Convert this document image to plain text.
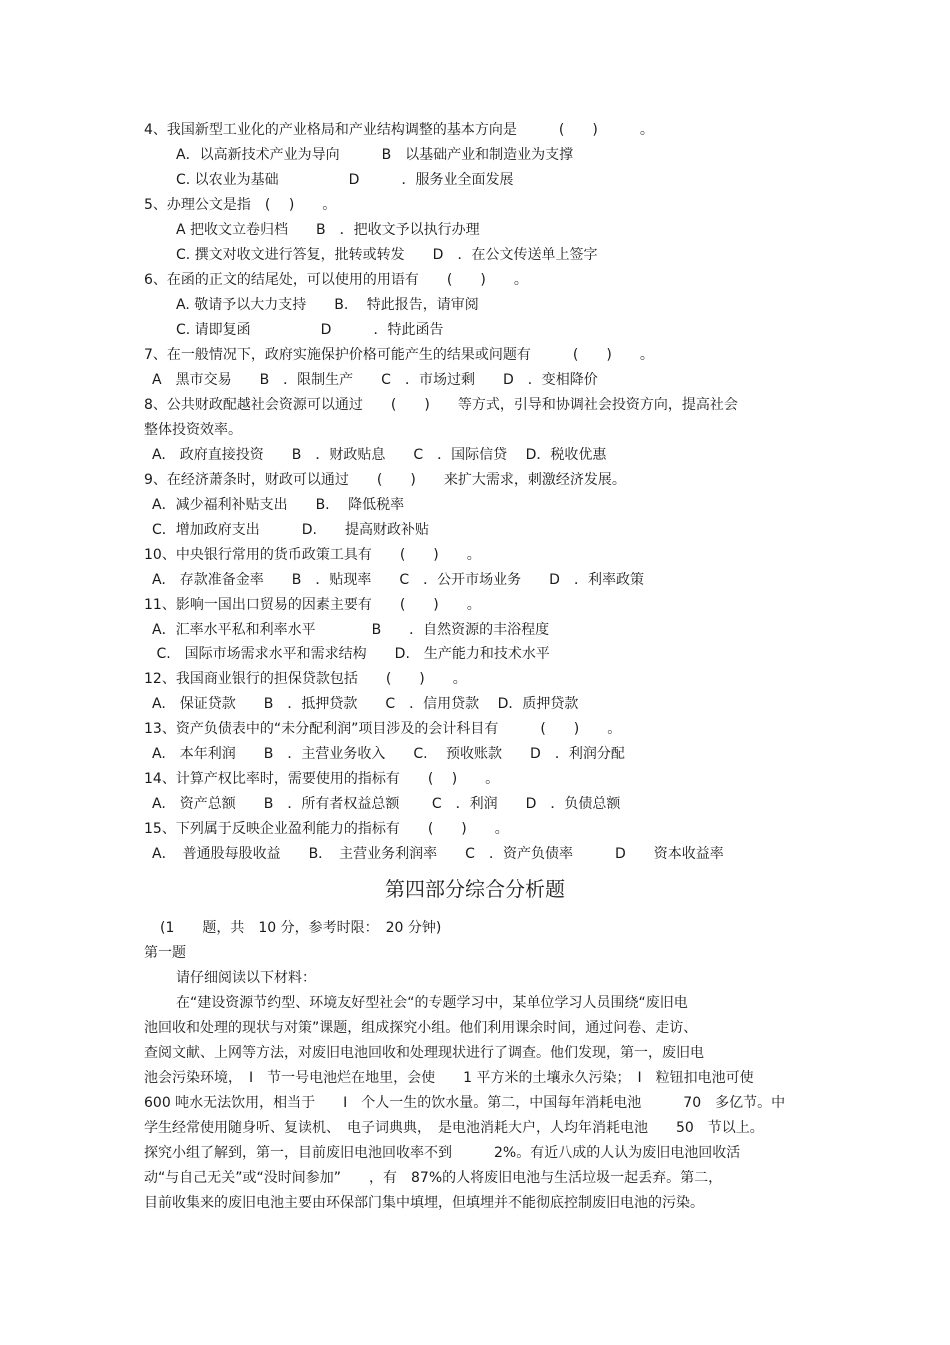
4、我国新型工业化的产业格局和产业结构调整的基本方向是　　　(　　)　　　。
A．以高新技术产业为导向　　　B　以基础产业和制造业为支撑
C. 以农业为基础　　　　　D　　　．服务业全面发展
5、办理公文是指　(　 )　　。
A 把收文立卷归档　　B　．把收文予以执行办理
C. 撰文对收文进行答复，批转或转发　　D　．在公文传送单上签字
6、在函的正文的结尾处，可以使用的用语有　　(　　)　　。
A. 敬请予以大力支持　　B.　 特此报告，请审阅
C. 请即复函　　　　　D　　　．特此函告
7、在一般情况下，政府实施保护价格可能产生的结果或问题有　　　(　　)　　。
A　黑市交易　　B　．限制生产　　C　．市场过剩　　D　．变相降价
8、公共财政配越社会资源可以通过　　(　　)　　等方式，引导和协调社会投资方向，提高社会
整体投资效率。
A.　政府直接投资　　B　．财政贴息　　C　．国际信贷　 D．税收优惠
9、在经济萧条时，财政可以通过　　(　　)　　来扩大需求，刺激经济发展。
A．减少福利补贴支出　　B.　 降低税率
C．增加政府支出　　　D.　　提高财政补贴
10、中央银行常用的货币政策工具有　　(　　)　　。
A.　存款准备金率　　B　．贴现率　　C　．公开市场业务　　D　．利率政策
11、影响一国出口贸易的因素主要有　　(　　)　　。
A．汇率水平私和利率水平　　　　B　　．自然资源的丰浴程度
C.　国际市场需求水平和需求结构　　D.　生产能力和技术水平
12、我国商业银行的担保贷款包括　　(　　)　　。
A.　保证贷款　　B　．抵押贷款　　C　．信用贷款　 D．质押贷款
13、资产负债表中的“未分配利润”项目涉及的会计科目有　　　(　　)　　。
A.　本年利润　　B　．主营业务收入　　C.　 预收账款　　D　．利润分配
14、计算产权比率时，需要使用的指标有　　(　 )　　。
A.　资产总额　　B　．所有者权益总额　　 C　．利润　　D　．负债总额
15、下列属于反映企业盈利能力的指标有　　(　　)　　。
A．　普通股每股收益　　B．　主营业务利润率　　C　．资产负债率　　　D　　资本收益率
第四部分综合分析题
(1　　题，共　10 分，参考时限：　20 分钟)
第一题
请仔细阅读以下材料：
在“建设资源节约型、环境友好型社会“的专题学习中，某单位学习人员围绕“废旧电
池回收和处理的现状与对策”课题，组成探究小组。他们利用课余时间，通过问卷、走访、
查阅文献、上网等方法，对废旧电池回收和处理现状进行了调查。他们发现，第一，废旧电
池会污染环境，　I　节一号电池烂在地里，会使　　1 平方米的土壤永久污染；　I　粒钮扣电池可使
600 吨水无法饮用，相当于　　I　个人一生的饮水量。第二，中国每年消耗电池　　　70　多亿节。中
学生经常使用随身听、复读机、　电子词典典，　是电池消耗大户，人均年消耗电池　　50　节以上。
探究小组了解到，第一，目前废旧电池回收率不到　　　2%。有近八成的人认为废旧电池回收活
动“与自己无关”或“没时间参加”　　，有　87%的人将废旧电池与生活垃圾一起丢弃。第二，
目前收集来的废旧电池主要由环保部门集中填埋，但填埋并不能彻底控制废旧电池的污染。
